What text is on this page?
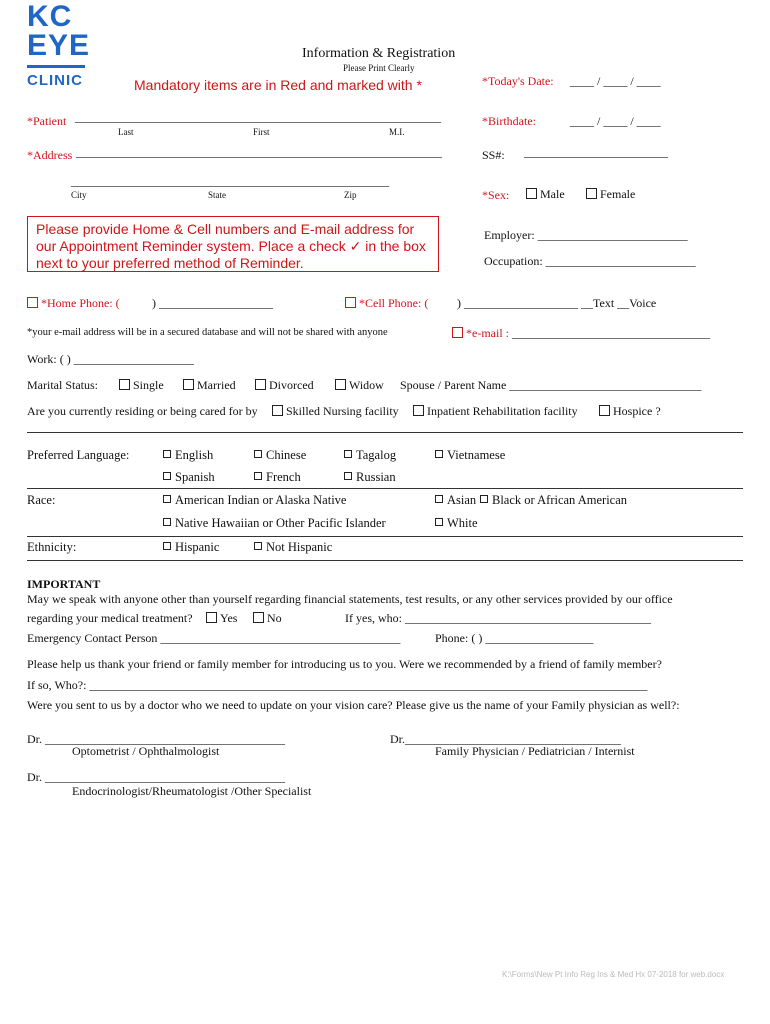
KC
EYE
CLINIC
Information & Registration
Please Print Clearly
Mandatory items are in Red and marked with *	*Today's Date: ____ / ____ / ____
*Patient _____________________________________________________________
Last	First	M.I.
*Birthdate:	____ / ____ / ____
*Address _____________________________________________________________	SS#: ________________________
_____________________________________________________
City	State	Zip	*Sex:	Male	Female
Please provide Home & Cell numbers and E-mail address for our Appointment Reminder system. Place a check ✓ in the box next to your preferred method of Reminder.
Employer: _________________________
Occupation: _________________________
*Home Phone: (	) ___________________	*Cell Phone: ( ) ___________________ __Text __Voice
*your e-mail address will be in a secured database and will not be shared with anyone	*e-mail : _________________________________
Work: ( ) ____________________
Marital Status:	Single	Married	Divorced	Widow Spouse / Parent Name ________________________________
Are you currently residing or being cared for by	Skilled Nursing facility	Inpatient Rehabilitation facility	Hospice ?
Preferred Language:	English	Chinese	Tagalog	Vietnamese
Spanish	French	Russian
Race:	American Indian or Alaska Native	Asian	Black or African American
Native Hawaiian or Other Pacific Islander	White
Ethnicity:	Hispanic	Not Hispanic
IMPORTANT
May we speak with anyone other than yourself regarding financial statements, test results, or any other services provided by our office
regarding your medical treatment?	Yes	No	If yes, who: _________________________________________
Emergency Contact Person ________________________________________	Phone: ( ) __________________
Please help us thank your friend or family member for introducing us to you. Were we recommended by a friend of family member?
If so, Who?: _____________________________________________________________________________________________
Were you sent to us by a doctor who we need to update on your vision care? Please give us the name of your Family physician as well?:
Dr. ________________________________________
Optometrist / Ophthalmologist
Dr.____________________________________
Family Physician / Pediatrician / Internist
Dr. ________________________________________
Endocrinologist/Rheumatologist /Other Specialist
K:\Forms\New Pt Info Reg Ins & Med Hx 07-2018 for web.docx
